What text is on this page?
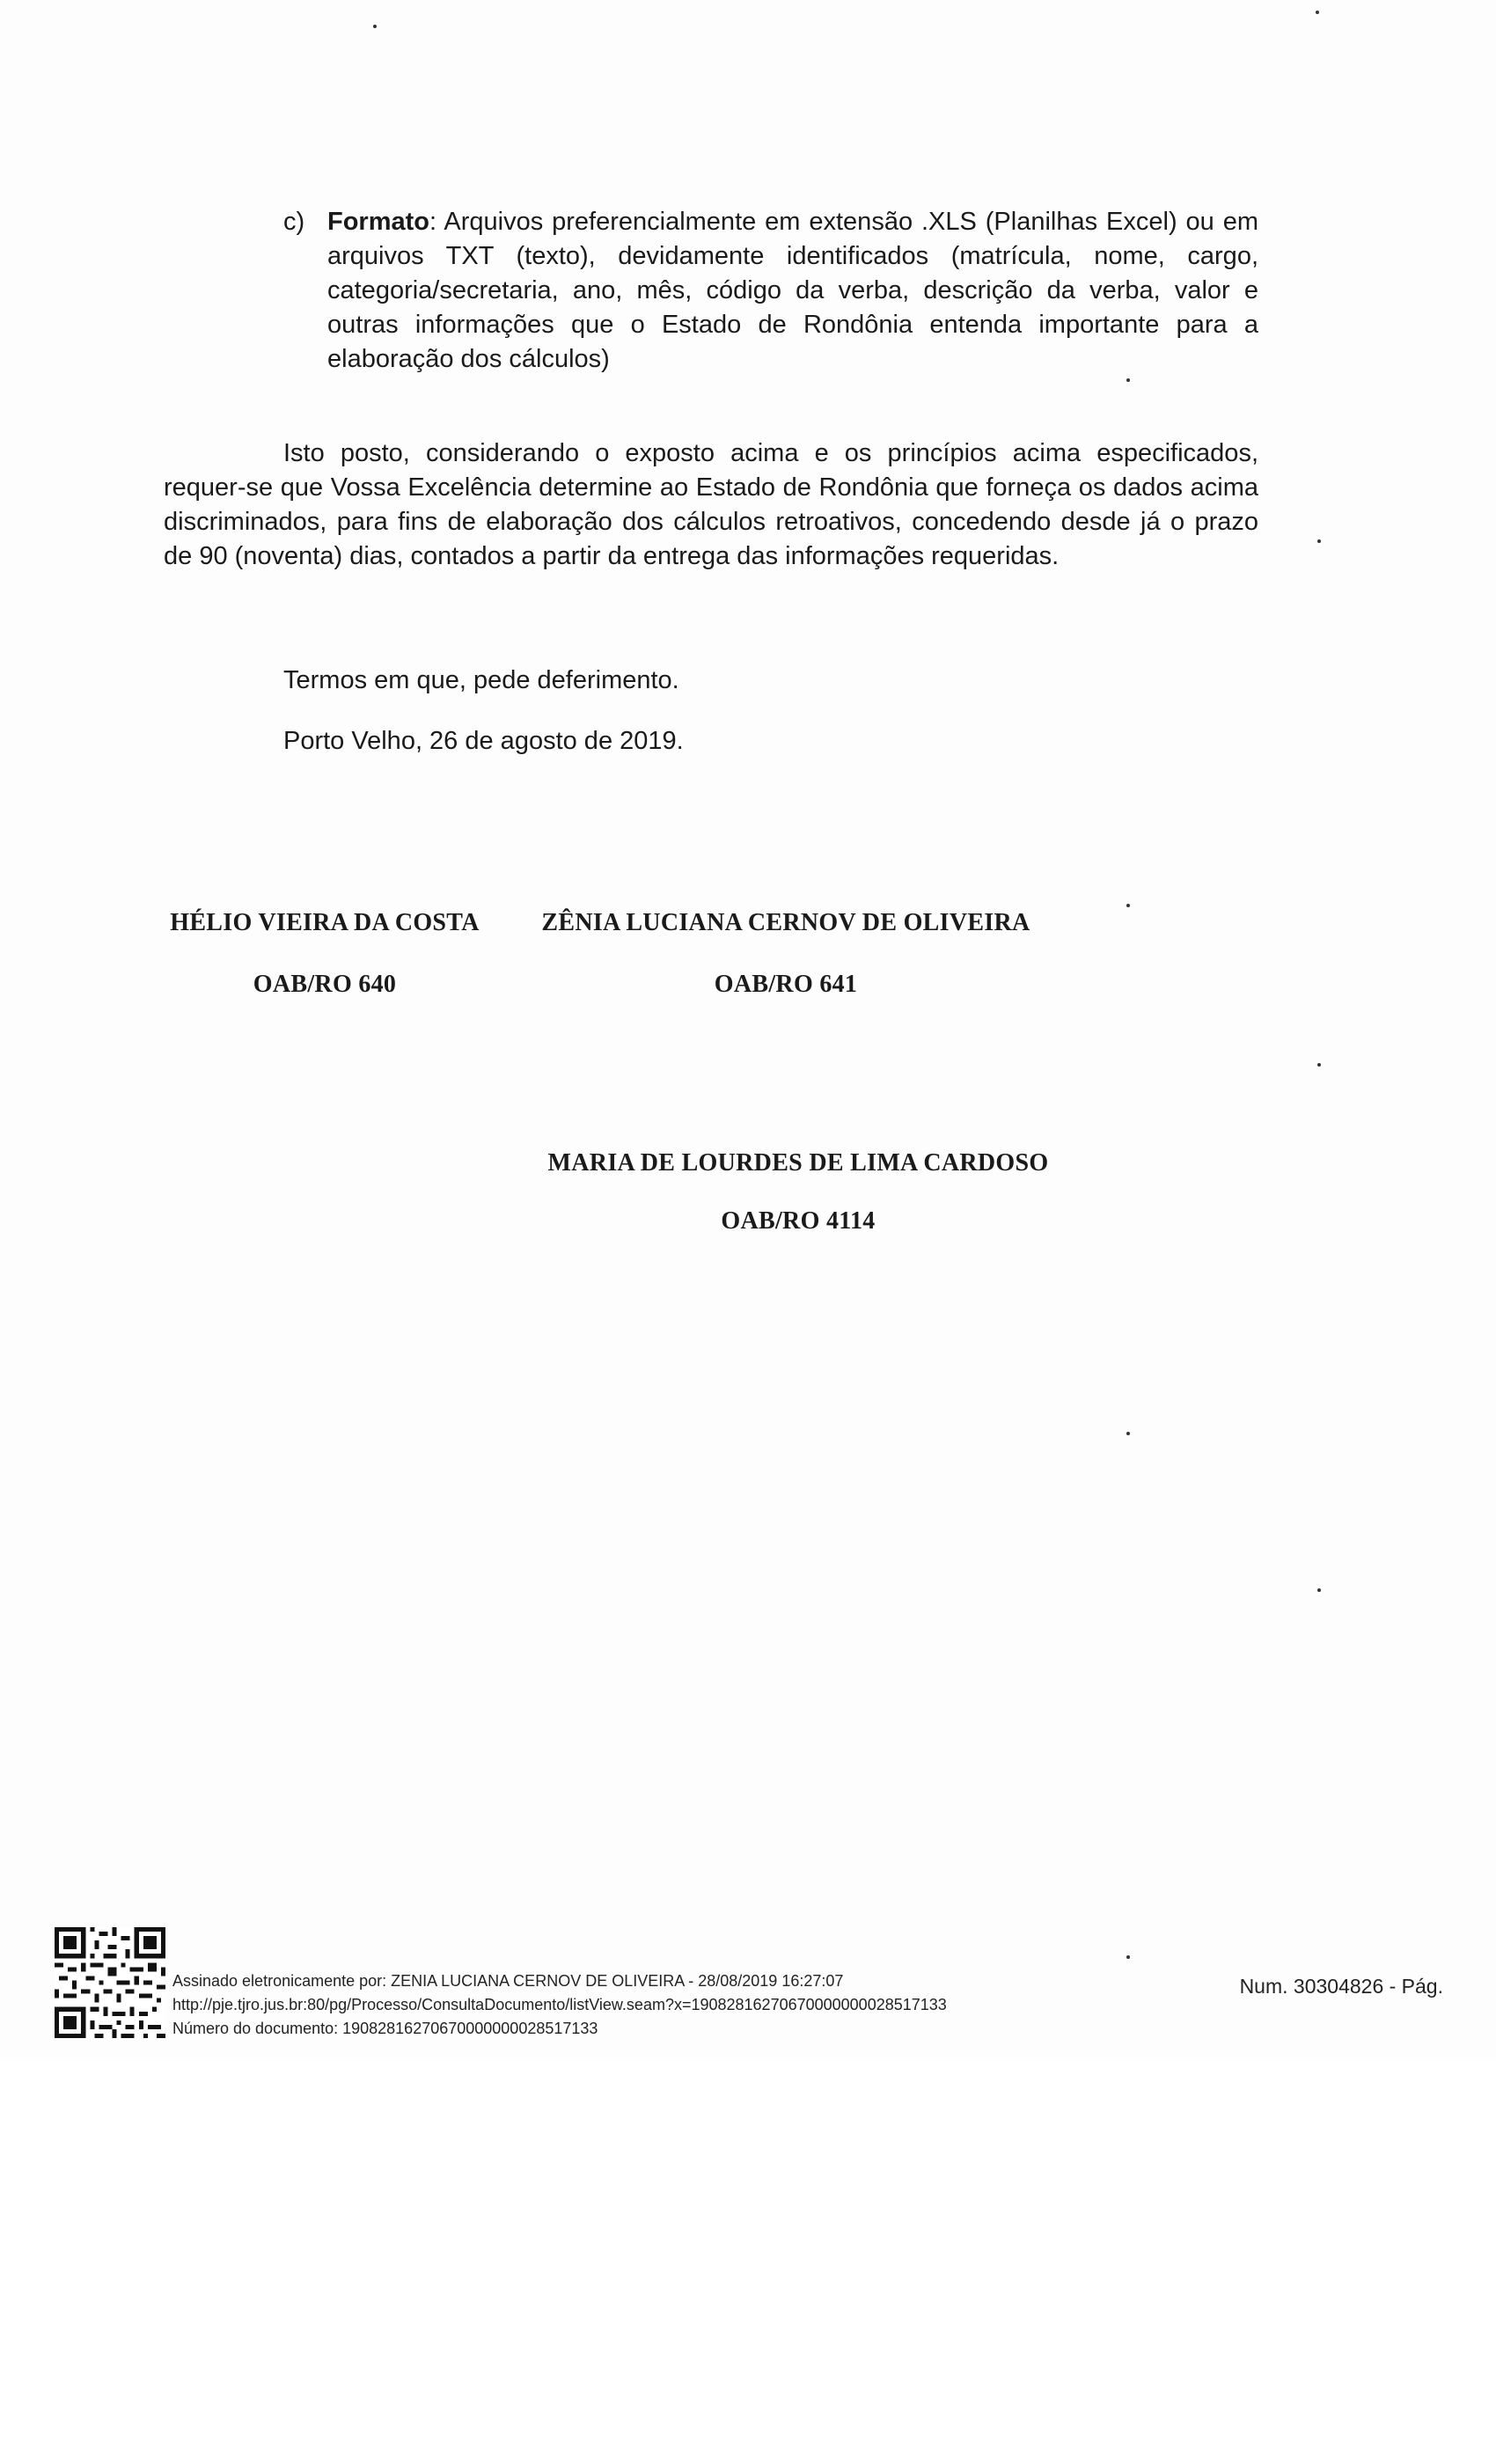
c) Formato: Arquivos preferencialmente em extensão .XLS (Planilhas Excel) ou em arquivos TXT (texto), devidamente identificados (matrícula, nome, cargo, categoria/secretaria, ano, mês, código da verba, descrição da verba, valor e outras informações que o Estado de Rondônia entenda importante para a elaboração dos cálculos)
Isto posto, considerando o exposto acima e os princípios acima especificados, requer-se que Vossa Excelência determine ao Estado de Rondônia que forneça os dados acima discriminados, para fins de elaboração dos cálculos retroativos, concedendo desde já o prazo de 90 (noventa) dias, contados a partir da entrega das informações requeridas.
Termos em que, pede deferimento.
Porto Velho, 26 de agosto de 2019.
HÉLIO VIEIRA DA COSTA
OAB/RO 640
ZÊNIA LUCIANA CERNOV DE OLIVEIRA
OAB/RO 641
MARIA DE LOURDES DE LIMA CARDOSO
OAB/RO 4114
Assinado eletronicamente por: ZENIA LUCIANA CERNOV DE OLIVEIRA - 28/08/2019 16:27:07
http://pje.tjro.jus.br:80/pg/Processo/ConsultaDocumento/listView.seam?x=19082816270670000000028517133
Número do documento: 19082816270670000000028517133
Num. 30304826 - Pág.
